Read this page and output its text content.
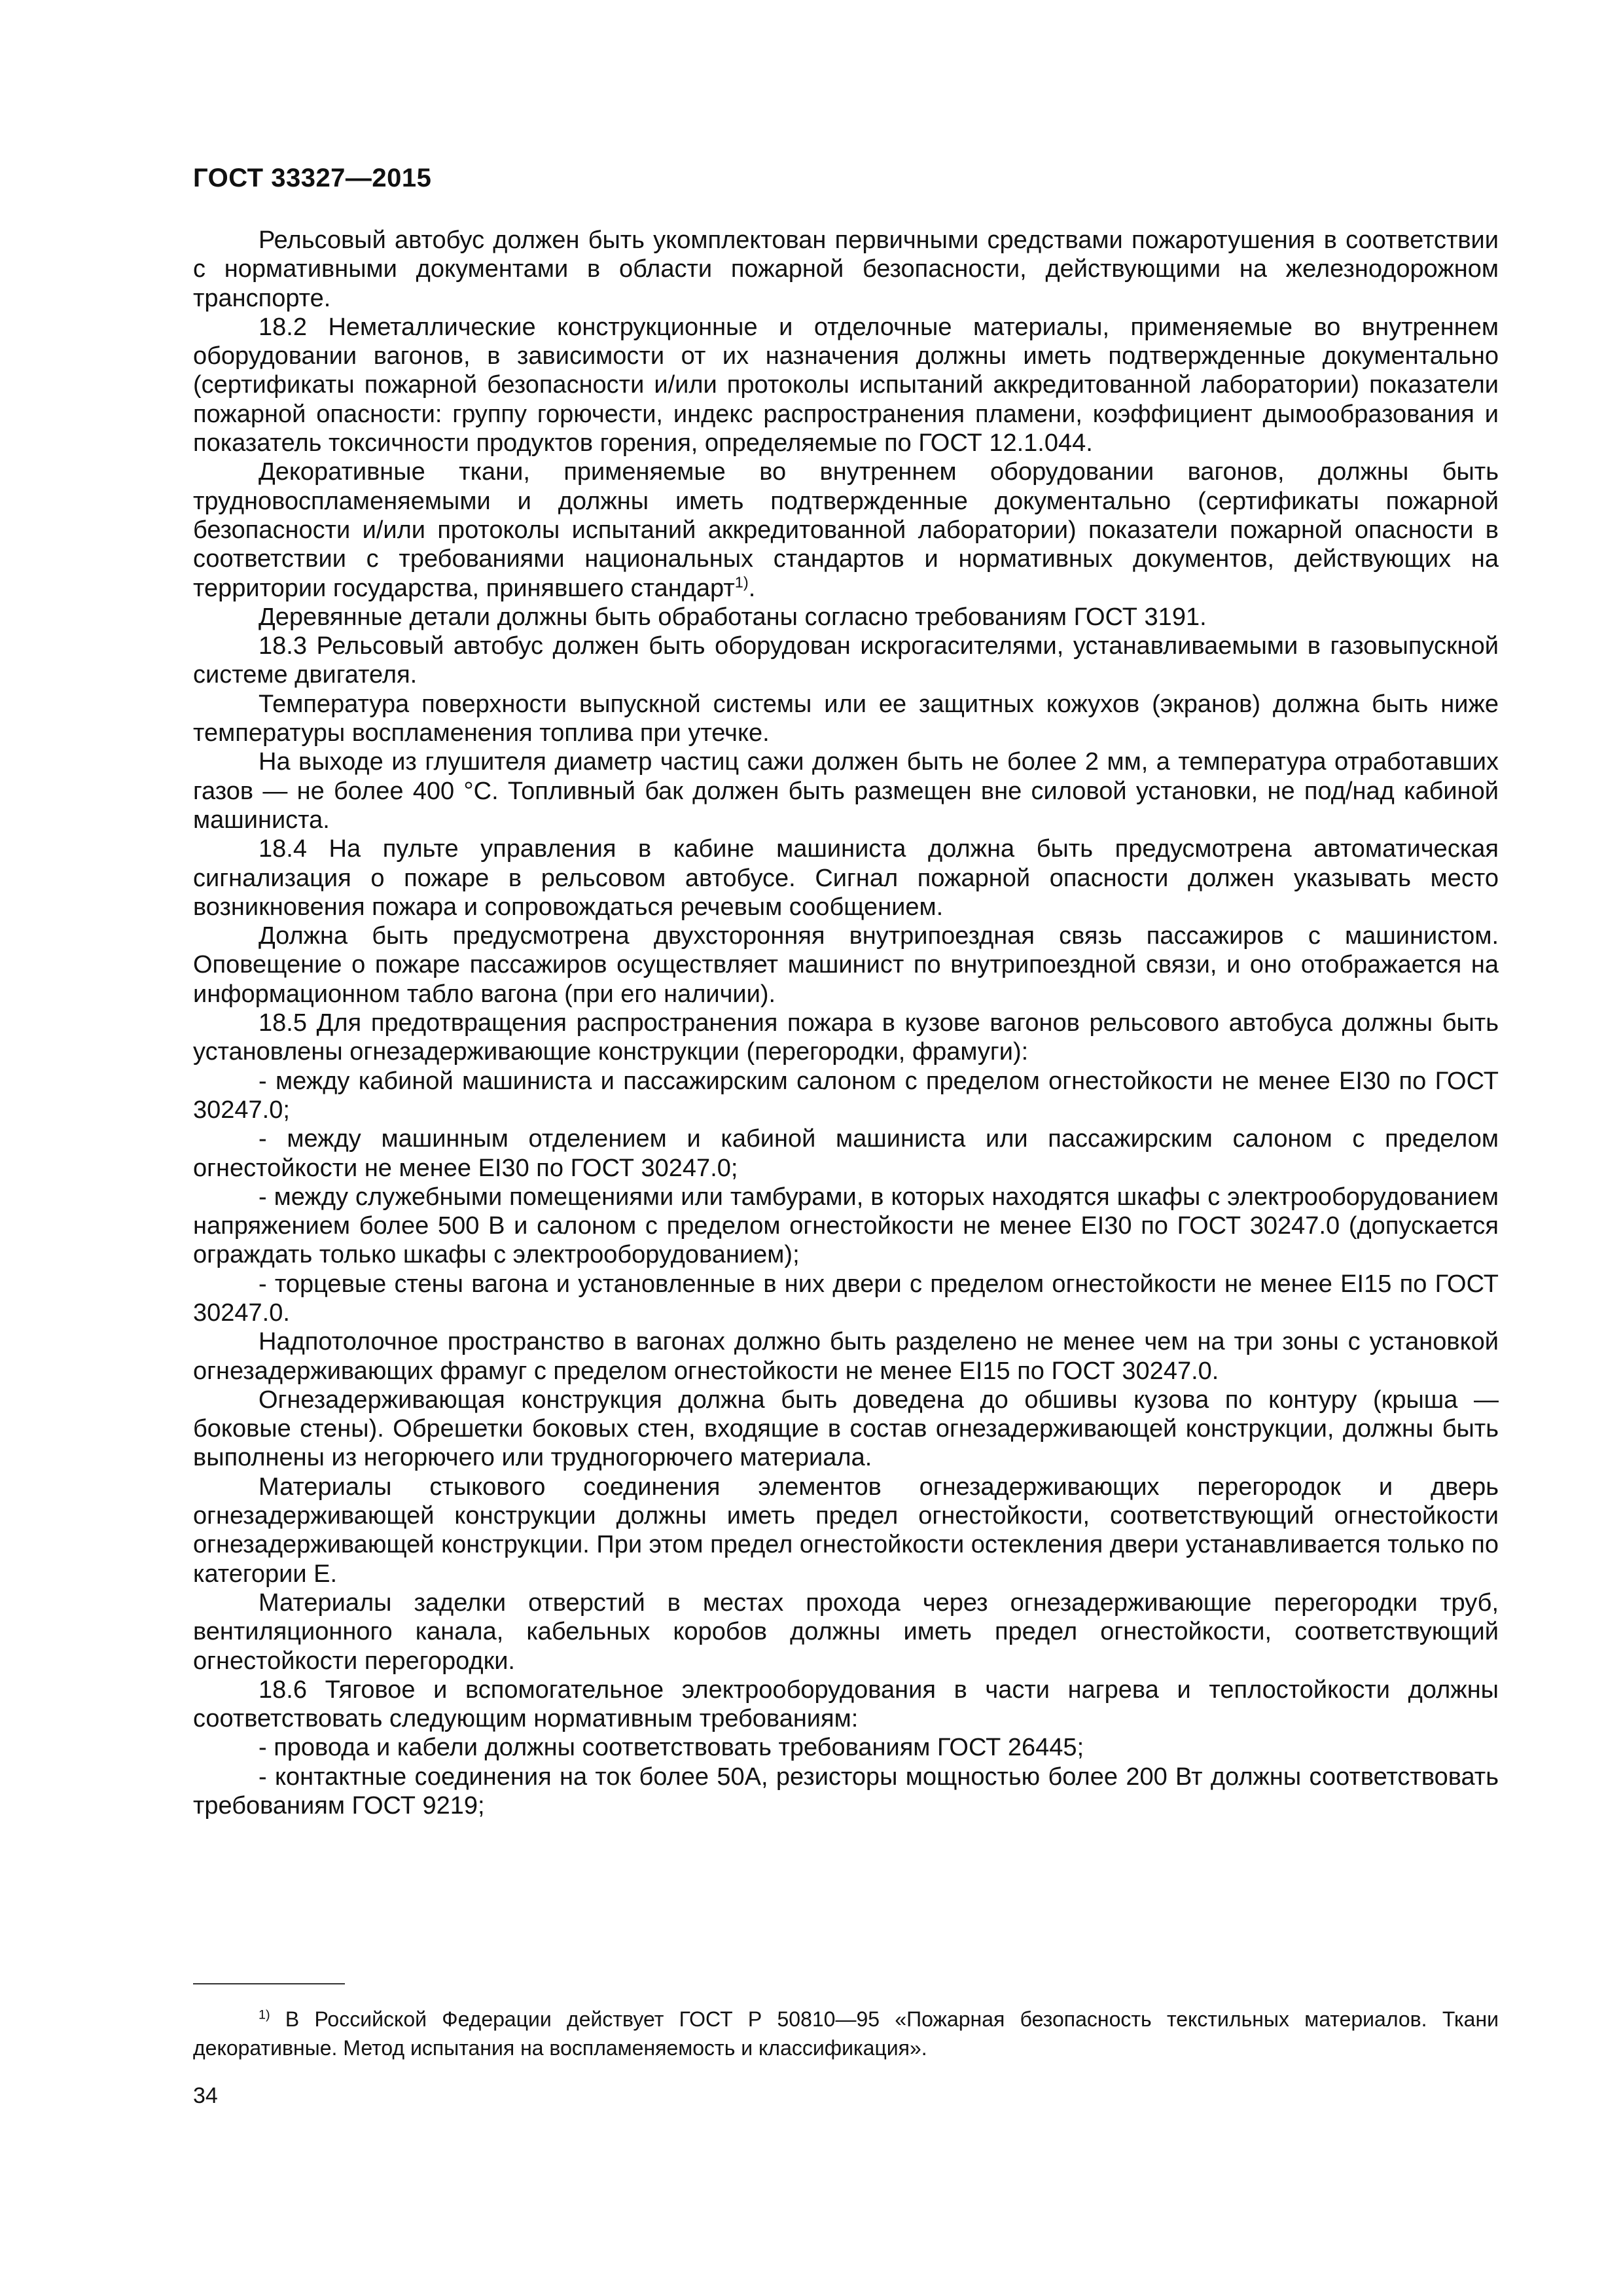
ГОСТ 33327—2015

Рельсовый автобус должен быть укомплектован первичными средствами пожаротушения в соответствии с нормативными документами в области пожарной безопасности, действующими на железнодорожном транспорте.

18.2 Неметаллические конструкционные и отделочные материалы, применяемые во внутреннем оборудовании вагонов, в зависимости от их назначения должны иметь подтвержденные документально (сертификаты пожарной безопасности и/или протоколы испытаний аккредитованной лаборатории) показатели пожарной опасности: группу горючести, индекс распространения пламени, коэффициент дымообразования и показатель токсичности продуктов горения, определяемые по ГОСТ 12.1.044.

Декоративные ткани, применяемые во внутреннем оборудовании вагонов, должны быть трудновоспламеняемыми и должны иметь подтвержденные документально (сертификаты пожарной безопасности и/или протоколы испытаний аккредитованной лаборатории) показатели пожарной опасности в соответствии с требованиями национальных стандартов и нормативных документов, действующих на территории государства, принявшего стандарт$^{1)}$.

Деревянные детали должны быть обработаны согласно требованиям ГОСТ 3191.

18.3 Рельсовый автобус должен быть оборудован искрогасителями, устанавливаемыми в газовыпускной системе двигателя.

Температура поверхности выпускной системы или ее защитных кожухов (экранов) должна быть ниже температуры воспламенения топлива при утечке.

На выходе из глушителя диаметр частиц сажи должен быть не более 2 мм, а температура отработавших газов — не более 400 °С. Топливный бак должен быть размещен вне силовой установки, не под/над кабиной машиниста.

18.4 На пульте управления в кабине машиниста должна быть предусмотрена автоматическая сигнализация о пожаре в рельсовом автобусе. Сигнал пожарной опасности должен указывать место возникновения пожара и сопровождаться речевым сообщением.

Должна быть предусмотрена двухсторонняя внутрипоездная связь пассажиров с машинистом. Оповещение о пожаре пассажиров осуществляет машинист по внутрипоездной связи, и оно отображается на информационном табло вагона (при его наличии).

18.5 Для предотвращения распространения пожара в кузове вагонов рельсового автобуса должны быть установлены огнезадерживающие конструкции (перегородки, фрамуги):

- между кабиной машиниста и пассажирским салоном с пределом огнестойкости не менее ЕI30 по ГОСТ 30247.0;

- между машинным отделением и кабиной машиниста или пассажирским салоном с пределом огнестойкости не менее ЕI30 по ГОСТ 30247.0;

- между служебными помещениями или тамбурами, в которых находятся шкафы с электрооборудованием напряжением более 500 В и салоном с пределом огнестойкости не менее ЕI30 по ГОСТ 30247.0 (допускается ограждать только шкафы с электрооборудованием);

- торцевые стены вагона и установленные в них двери с пределом огнестойкости не менее ЕI15 по ГОСТ 30247.0.

Надпотолочное пространство в вагонах должно быть разделено не менее чем на три зоны с установкой огнезадерживающих фрамуг с пределом огнестойкости не менее ЕI15 по ГОСТ 30247.0.

Огнезадерживающая конструкция должна быть доведена до обшивы кузова по контуру (крыша — боковые стены). Обрешетки боковых стен, входящие в состав огнезадерживающей конструкции, должны быть выполнены из негорючего или трудногорючего материала.

Материалы стыкового соединения элементов огнезадерживающих перегородок и дверь огнезадерживающей конструкции должны иметь предел огнестойкости, соответствующий огнестойкости огнезадерживающей конструкции. При этом предел огнестойкости остекления двери устанавливается только по категории Е.

Материалы заделки отверстий в местах прохода через огнезадерживающие перегородки труб, вентиляционного канала, кабельных коробов должны иметь предел огнестойкости, соответствующий огнестойкости перегородки.

18.6 Тяговое и вспомогательное электрооборудования в части нагрева и теплостойкости должны соответствовать следующим нормативным требованиям:

- провода и кабели должны соответствовать требованиям ГОСТ 26445;

- контактные соединения на ток более 50А, резисторы мощностью более 200 Вт должны соответствовать требованиям ГОСТ 9219;

$^{1)}$ В Российской Федерации действует ГОСТ Р 50810—95 «Пожарная безопасность текстильных материалов. Ткани декоративные. Метод испытания на воспламеняемость и классификация».

34
